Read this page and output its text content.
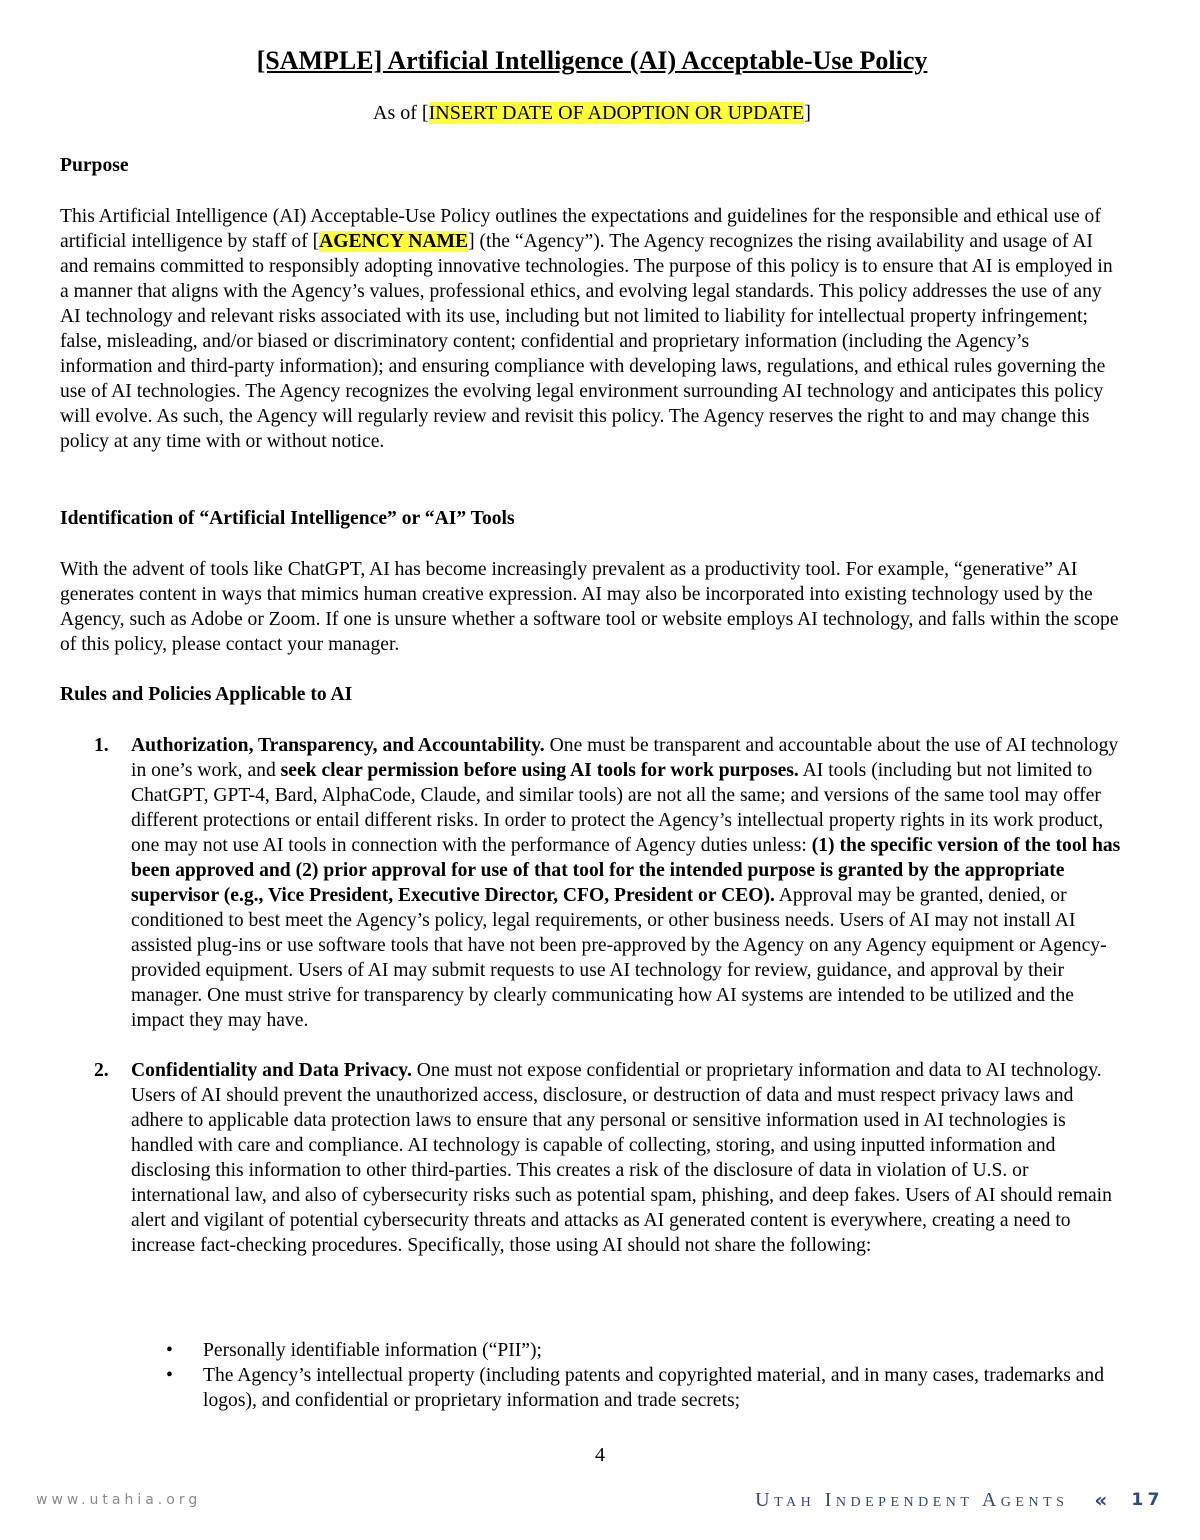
[SAMPLE] Artificial Intelligence (AI) Acceptable-Use Policy
As of [INSERT DATE OF ADOPTION OR UPDATE]
Purpose

This Artificial Intelligence (AI) Acceptable-Use Policy outlines the expectations and guidelines for the responsible and ethical use of artificial intelligence by staff of [AGENCY NAME] (the “Agency”). The Agency recognizes the rising availability and usage of AI and remains committed to responsibly adopting innovative technologies. The purpose of this policy is to ensure that AI is employed in a manner that aligns with the Agency’s values, professional ethics, and evolving legal standards. This policy addresses the use of any AI technology and relevant risks associated with its use, including but not limited to liability for intellectual property infringement; false, misleading, and/or biased or discriminatory content; confidential and proprietary information (including the Agency’s information and third-party information); and ensuring compliance with developing laws, regulations, and ethical rules governing the use of AI technologies. The Agency recognizes the evolving legal environment surrounding AI technology and anticipates this policy will evolve. As such, the Agency will regularly review and revisit this policy. The Agency reserves the right to and may change this policy at any time with or without notice.

Identification of “Artificial Intelligence” or “AI” Tools

With the advent of tools like ChatGPT, AI has become increasingly prevalent as a productivity tool. For example, “generative” AI generates content in ways that mimics human creative expression. AI may also be incorporated into existing technology used by the Agency, such as Adobe or Zoom. If one is unsure whether a software tool or website employs AI technology, and falls within the scope of this policy, please contact your manager.

Rules and Policies Applicable to AI
1. Authorization, Transparency, and Accountability. One must be transparent and accountable about the use of AI technology in one’s work, and seek clear permission before using AI tools for work purposes. AI tools (including but not limited to ChatGPT, GPT-4, Bard, AlphaCode, Claude, and similar tools) are not all the same; and versions of the same tool may offer different protections or entail different risks. In order to protect the Agency’s intellectual property rights in its work product, one may not use AI tools in connection with the performance of Agency duties unless: (1) the specific version of the tool has been approved and (2) prior approval for use of that tool for the intended purpose is granted by the appropriate supervisor (e.g., Vice President, Executive Director, CFO, President or CEO). Approval may be granted, denied, or conditioned to best meet the Agency’s policy, legal requirements, or other business needs. Users of AI may not install AI assisted plug-ins or use software tools that have not been pre-approved by the Agency on any Agency equipment or Agency-provided equipment. Users of AI may submit requests to use AI technology for review, guidance, and approval by their manager. One must strive for transparency by clearly communicating how AI systems are intended to be utilized and the impact they may have.
2. Confidentiality and Data Privacy. One must not expose confidential or proprietary information and data to AI technology. Users of AI should prevent the unauthorized access, disclosure, or destruction of data and must respect privacy laws and adhere to applicable data protection laws to ensure that any personal or sensitive information used in AI technologies is handled with care and compliance. AI technology is capable of collecting, storing, and using inputted information and disclosing this information to other third-parties. This creates a risk of the disclosure of data in violation of U.S. or international law, and also of cybersecurity risks such as potential spam, phishing, and deep fakes. Users of AI should remain alert and vigilant of potential cybersecurity threats and attacks as AI generated content is everywhere, creating a need to increase fact-checking procedures. Specifically, those using AI should not share the following:
• Personally identifiable information (“PII”);
• The Agency’s intellectual property (including patents and copyrighted material, and in many cases, trademarks and logos), and confidential or proprietary information and trade secrets;
4
www.utahia.org	Utah Independent Agents « 17
